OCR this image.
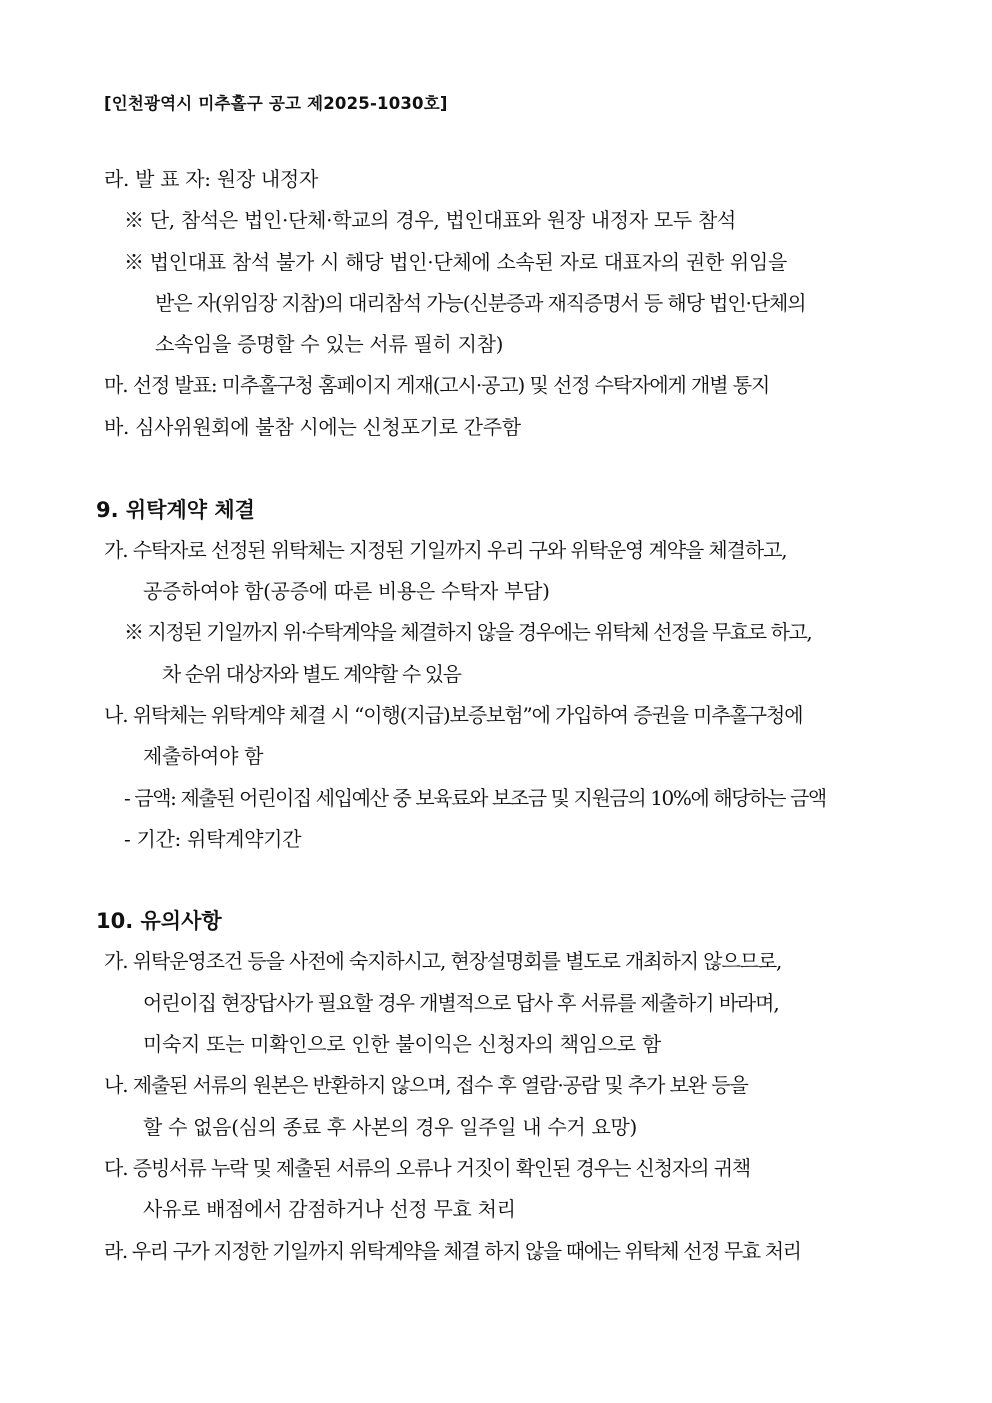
[인천광역시 미추홀구 공고 제2025-1030호]
라. 발 표 자: 원장 내정자
※ 단, 참석은 법인·단체·학교의 경우, 법인대표와 원장 내정자 모두 참석
※ 법인대표 참석 불가 시 해당 법인·단체에 소속된 자로 대표자의 권한 위임을
받은 자(위임장 지참)의 대리참석 가능(신분증과 재직증명서 등 해당 법인·단체의
소속임을 증명할 수 있는 서류 필히 지참)
마. 선정 발표: 미추홀구청 홈페이지 게재(고시·공고) 및 선정 수탁자에게 개별 통지
바. 심사위원회에 불참 시에는 신청포기로 간주함
9. 위탁계약 체결
가. 수탁자로 선정된 위탁체는 지정된 기일까지 우리 구와 위탁운영 계약을 체결하고,
공증하여야 함(공증에 따른 비용은 수탁자 부담)
※ 지정된 기일까지 위·수탁계약을 체결하지 않을 경우에는 위탁체 선정을 무효로 하고,
차 순위 대상자와 별도 계약할 수 있음
나. 위탁체는 위탁계약 체결 시 “이행(지급)보증보험”에 가입하여 증권을 미추홀구청에
제출하여야 함
- 금액: 제출된 어린이집 세입예산 중 보육료와 보조금 및 지원금의 10%에 해당하는 금액
- 기간: 위탁계약기간
10. 유의사항
가. 위탁운영조건 등을 사전에 숙지하시고, 현장설명회를 별도로 개최하지 않으므로,
어린이집 현장답사가 필요할 경우 개별적으로 답사 후 서류를 제출하기 바라며,
미숙지 또는 미확인으로 인한 불이익은 신청자의 책임으로 함
나. 제출된 서류의 원본은 반환하지 않으며, 접수 후 열람·공람 및 추가 보완 등을
할 수 없음(심의 종료 후 사본의 경우 일주일 내 수거 요망)
다. 증빙서류 누락 및 제출된 서류의 오류나 거짓이 확인된 경우는 신청자의 귀책
사유로 배점에서 감점하거나 선정 무효 처리
라. 우리 구가 지정한 기일까지 위탁계약을 체결 하지 않을 때에는 위탁체 선정 무효 처리
